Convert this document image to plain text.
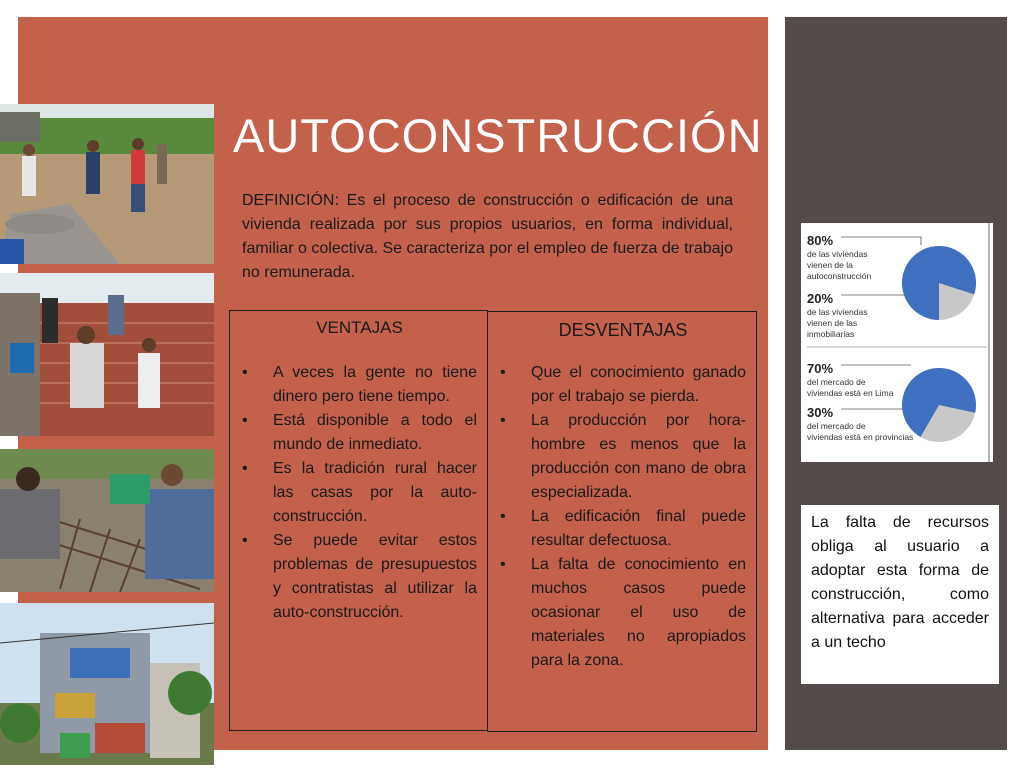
AUTOCONSTRUCCIÓN

DEFINICIÓN: Es el proceso de construcción o edificación de una vivienda realizada por sus propios usuarios, en forma individual, familiar o colectiva. Se caracteriza por el empleo de fuerza de trabajo no remunerada.

VENTAJAS
• A veces la gente no tiene dinero pero tiene tiempo.
• Está disponible a todo el mundo de inmediato.
• Es la tradición rural hacer las casas por la auto-construcción.
• Se puede evitar estos problemas de presupuestos y contratistas al utilizar la auto-construcción.
DESVENTAJAS
• Que el conocimiento ganado por el trabajo se pierda.
• La producción por hora-hombre es menos que la producción con mano de obra especializada.
• La edificación final puede resultar defectuosa.
• La falta de conocimiento en muchos casos puede ocasionar el uso de materiales no apropiados para la zona.
80%
de las viviendas
vienen de la
autoconstrucción
20%
de las viviendas
vienen de las
inmobiliarias
70%
del mercado de
viviendas está en Lima
30%
del mercado de
viviendas está en provincias

La falta de recursos obliga al usuario a adoptar esta forma de construcción, como alternativa para acceder a un techo
